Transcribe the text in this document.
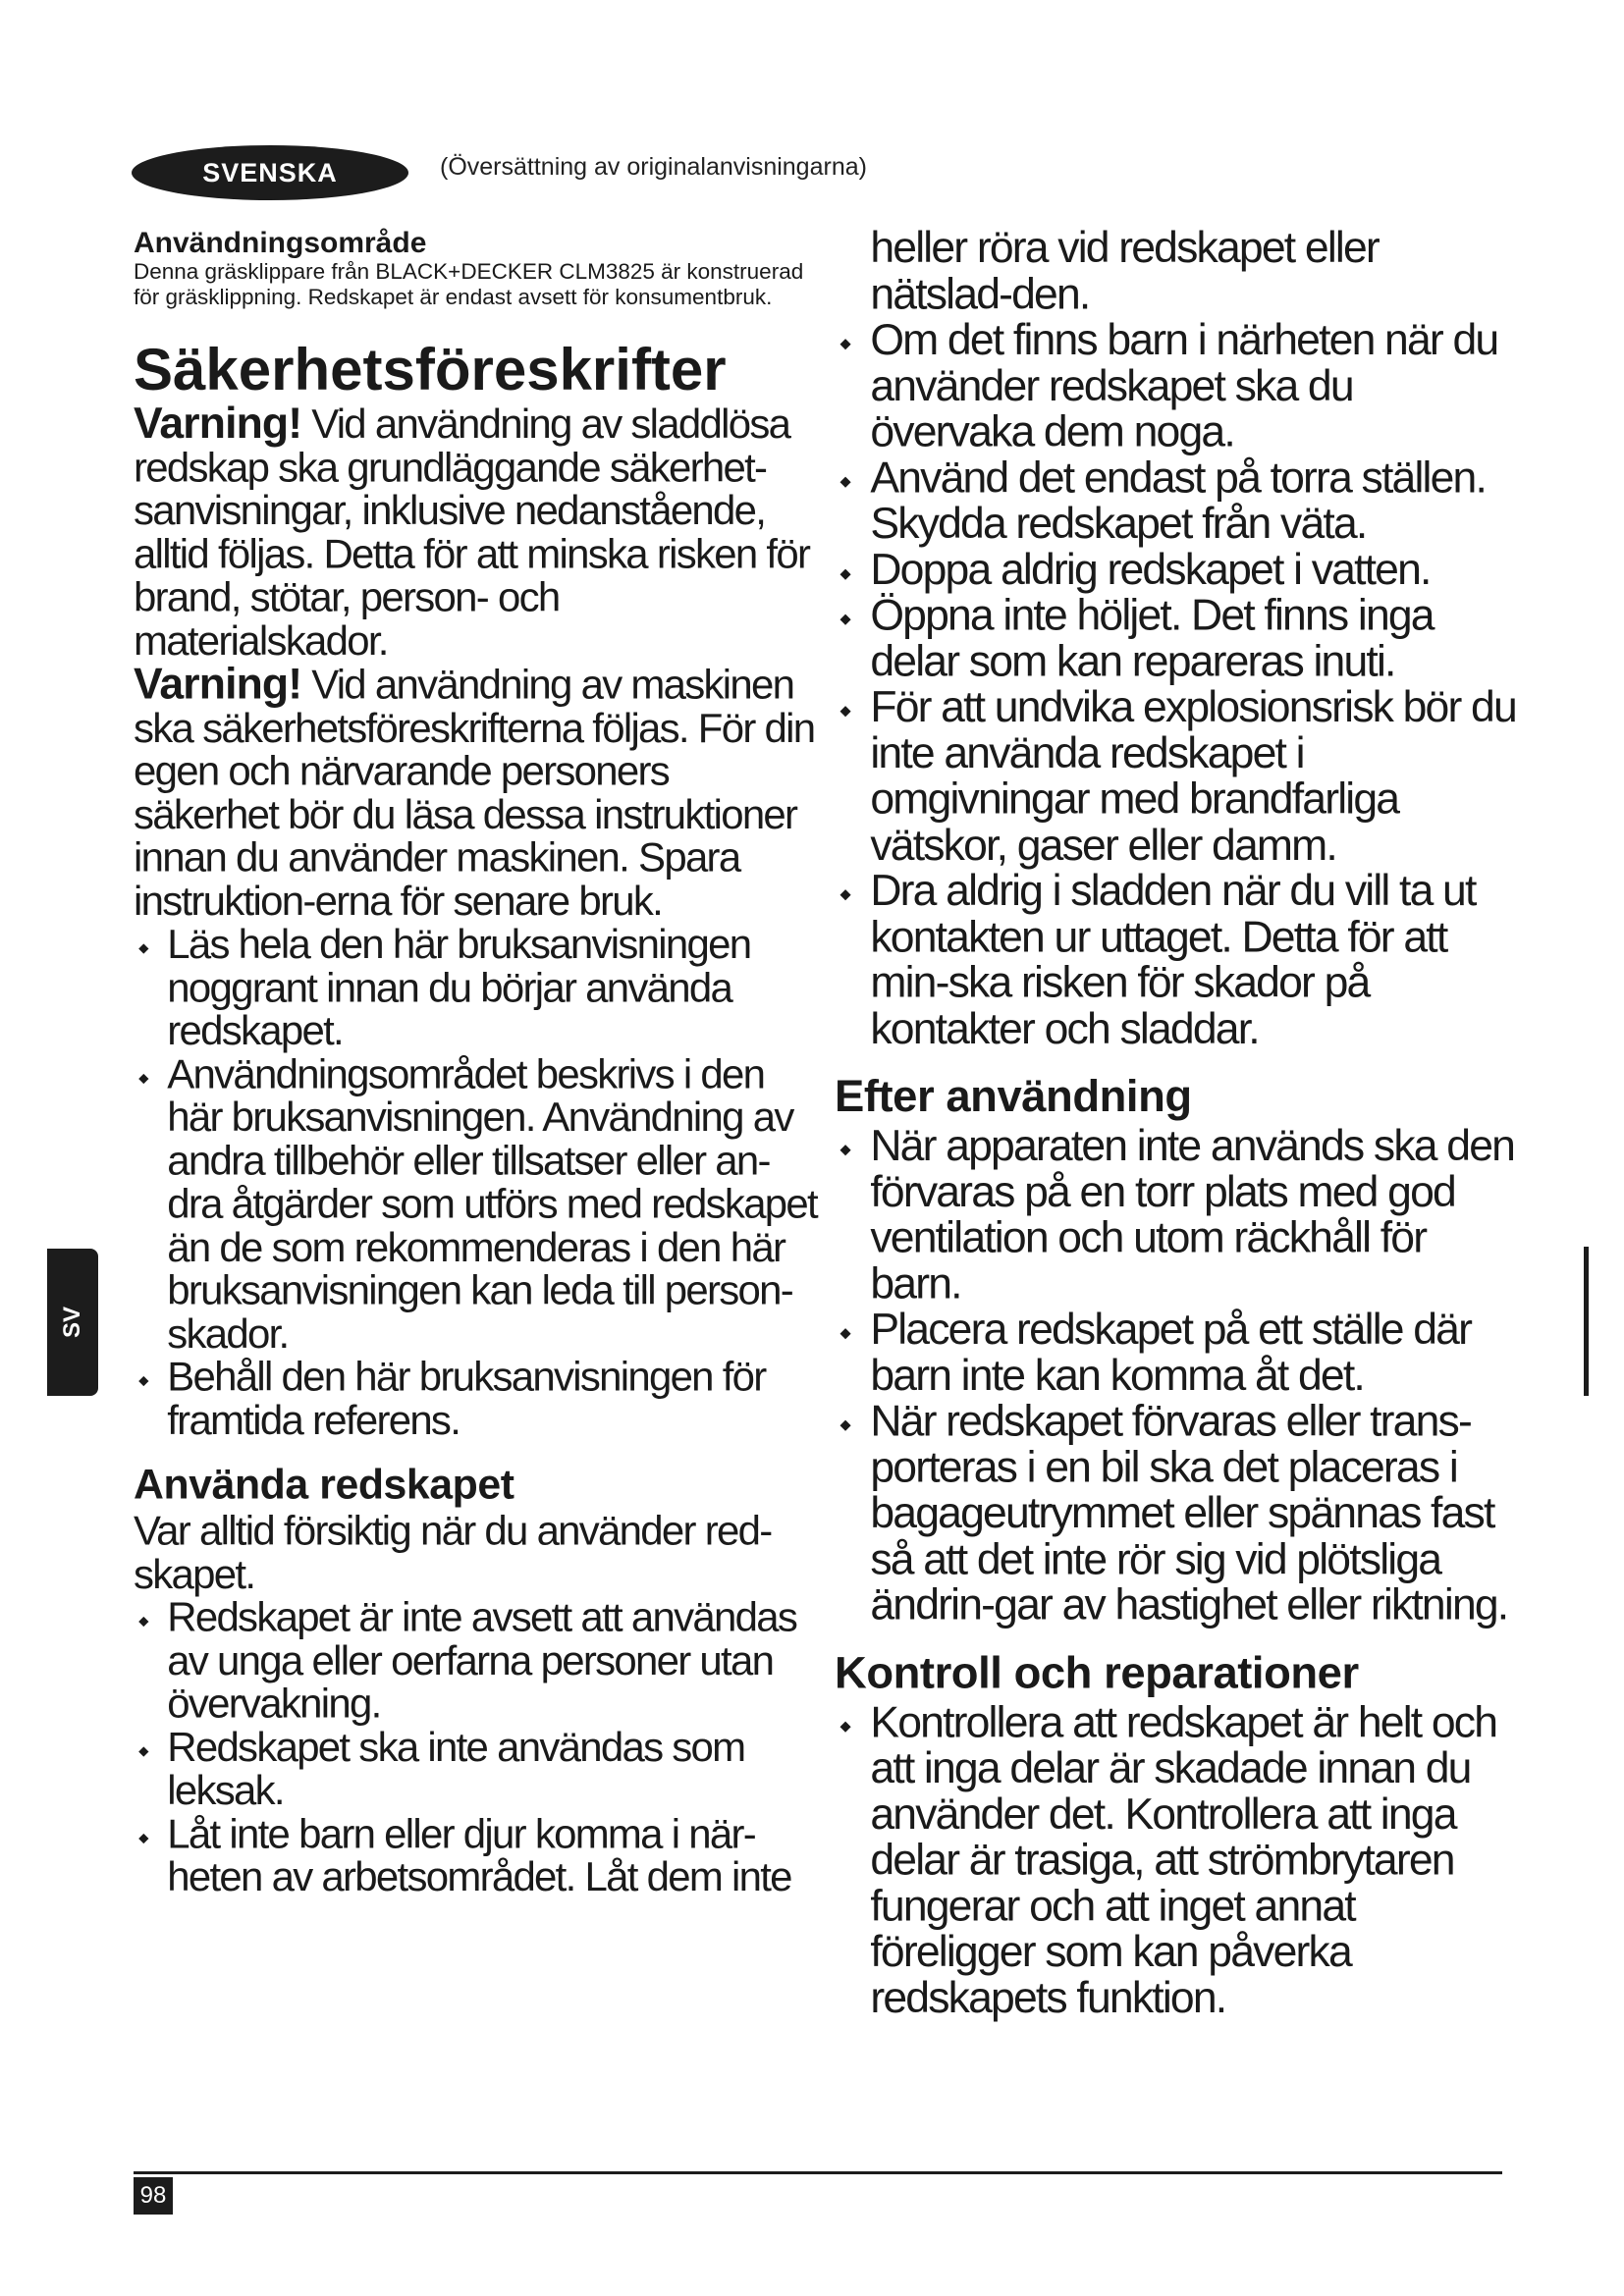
SVENSKA	(Översättning av originalanvisningarna)
SV

Användningsområde

Denna gräsklippare från BLACK+DECKER CLM3825 är konstruerad
för gräsklippning. Redskapet är endast avsett för konsumentbruk.

Säkerhetsföreskrifter

Varning! Vid användning av sladdlösa redskap ska grundläggande säkerhet-sanvisningar, inklusive nedanstående, alltid följas. Detta för att minska risken för brand, stötar, person- och materialskador.

Varning! Vid användning av maskinen ska säkerhetsföreskrifterna följas. För din egen och närvarande personers säkerhet bör du läsa dessa instruktioner innan du använder maskinen. Spara instruktion-erna för senare bruk.

◆ Läs hela den här bruksanvisningen noggrant innan du börjar använda redskapet.
◆ Användningsområdet beskrivs i den här bruksanvisningen. Användning av andra tillbehör eller tillsatser eller an-dra åtgärder som utförs med redskapet än de som rekommenderas i den här bruksanvisningen kan leda till person-skador.
◆ Behåll den här bruksanvisningen för framtida referens.
Använda redskapet

Var alltid försiktig när du använder red-skapet.

◆ Redskapet är inte avsett att användas av unga eller oerfarna personer utan övervakning.
◆ Redskapet ska inte användas som leksak.
◆ Låt inte barn eller djur komma i när-heten av arbetsområdet. Låt dem inte

heller röra vid redskapet eller nätslad-den.

◆ Om det finns barn i närheten när du använder redskapet ska du övervaka dem noga.
◆ Använd det endast på torra ställen. Skydda redskapet från väta.
◆ Doppa aldrig redskapet i vatten.
◆ Öppna inte höljet. Det finns inga delar som kan repareras inuti.
◆ För att undvika explosionsrisk bör du inte använda redskapet i omgivningar med brandfarliga vätskor, gaser eller damm.
◆ Dra aldrig i sladden när du vill ta ut kontakten ur uttaget. Detta för att min-ska risken för skador på kontakter och sladdar.
Efter användning
◆ När apparaten inte används ska den förvaras på en torr plats med god ventilation och utom räckhåll för barn.
◆ Placera redskapet på ett ställe där barn inte kan komma åt det.
◆ När redskapet förvaras eller trans-porteras i en bil ska det placeras i bagageutrymmet eller spännas fast så att det inte rör sig vid plötsliga ändrin-gar av hastighet eller riktning.
Kontroll och reparationer
◆ Kontrollera att redskapet är helt och att inga delar är skadade innan du använder det. Kontrollera att inga delar är trasiga, att strömbrytaren fungerar och att inget annat föreligger som kan påverka redskapets funktion.
98
